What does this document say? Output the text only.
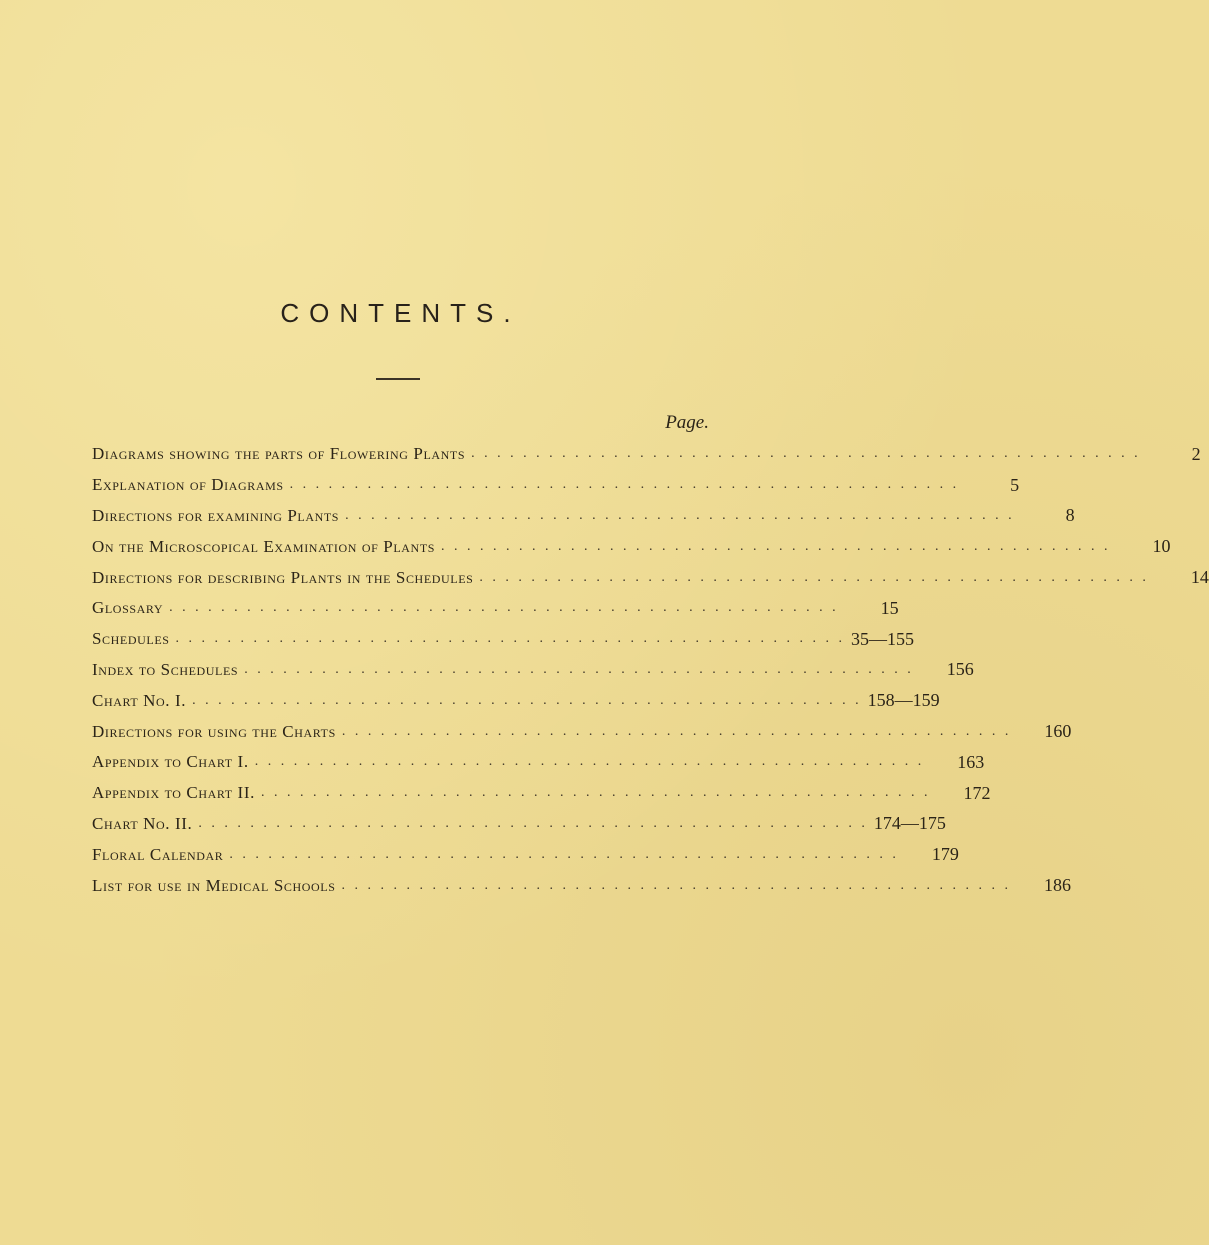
CONTENTS.
Page.
Diagrams showing the parts of Flowering Plants . . . . . . . . . . . . . . . . . . . . . . . . . . . . . . . . . . . . . . . . . . . . . . . . . . . .	2
Explanation of Diagrams . . . . . . . . . . . . . . . . . . . . . . . . . . . . . . . . . . . . . . . . . . . . . . . . . . . .	5
Directions for examining Plants . . . . . . . . . . . . . . . . . . . . . . . . . . . . . . . . . . . . . . . . . . . . . . . . . . . .	8
On the Microscopical Examination of Plants . . . . . . . . . . . . . . . . . . . . . . . . . . . . . . . . . . . . . . . . . . . . . . . . . . . .	10
Directions for describing Plants in the Schedules . . . . . . . . . . . . . . . . . . . . . . . . . . . . . . . . . . . . . . . . . . . . . . . . . . . .	14
Glossary . . . . . . . . . . . . . . . . . . . . . . . . . . . . . . . . . . . . . . . . . . . . . . . . . . . .	15
Schedules . . . . . . . . . . . . . . . . . . . . . . . . . . . . . . . . . . . . . . . . . . . . . . . . . . . . 35—155
Index to Schedules . . . . . . . . . . . . . . . . . . . . . . . . . . . . . . . . . . . . . . . . . . . . . . . . . . . .	156
Chart No. I. . . . . . . . . . . . . . . . . . . . . . . . . . . . . . . . . . . . . . . . . . . . . . . . . . . . . 158—159
Directions for using the Charts . . . . . . . . . . . . . . . . . . . . . . . . . . . . . . . . . . . . . . . . . . . . . . . . . . . .	160
Appendix to Chart I. . . . . . . . . . . . . . . . . . . . . . . . . . . . . . . . . . . . . . . . . . . . . . . . . . . . .	163
Appendix to Chart II. . . . . . . . . . . . . . . . . . . . . . . . . . . . . . . . . . . . . . . . . . . . . . . . . . . . .	172
Chart No. II. . . . . . . . . . . . . . . . . . . . . . . . . . . . . . . . . . . . . . . . . . . . . . . . . . . . . 174—175
Floral Calendar . . . . . . . . . . . . . . . . . . . . . . . . . . . . . . . . . . . . . . . . . . . . . . . . . . . .	179
List for use in Medical Schools . . . . . . . . . . . . . . . . . . . . . . . . . . . . . . . . . . . . . . . . . . . . . . . . . . . .	186
